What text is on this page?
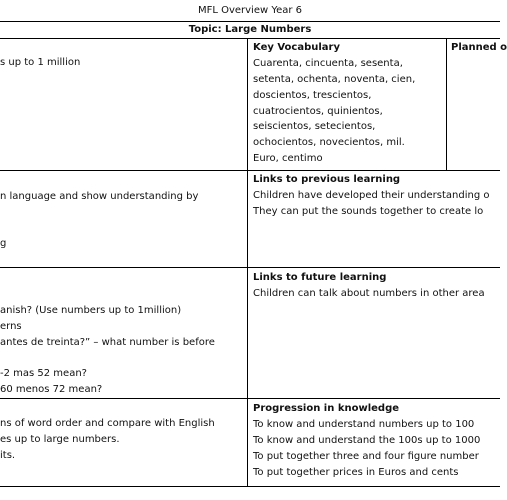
MFL Overview Year 6
Topic: Large Numbers
s up to 1 million
n language and show understanding by
g
anish? (Use numbers up to 1million)
erns
antes de treinta?” – what number is before
-2 mas 52 mean?
60 menos 72 mean?
ns of word order and compare with English
es up to large numbers.
its.
Key Vocabulary
Cuarenta, cincuenta, sesenta,
setenta, ochenta, noventa, cien,
doscientos, trescientos,
cuatrocientos, quinientos,
seiscientos, setecientos,
ochocientos, novecientos, mil.
Euro, centimo
Planned o
Links to previous learning
Children have developed their understanding o
They can put the sounds together to create lo
Links to future learning
Children can talk about numbers in other area
Progression in knowledge
To know and understand numbers up to 100
To know and understand the 100s up to 1000
To put together three and four figure number
To put together prices in Euros and cents
